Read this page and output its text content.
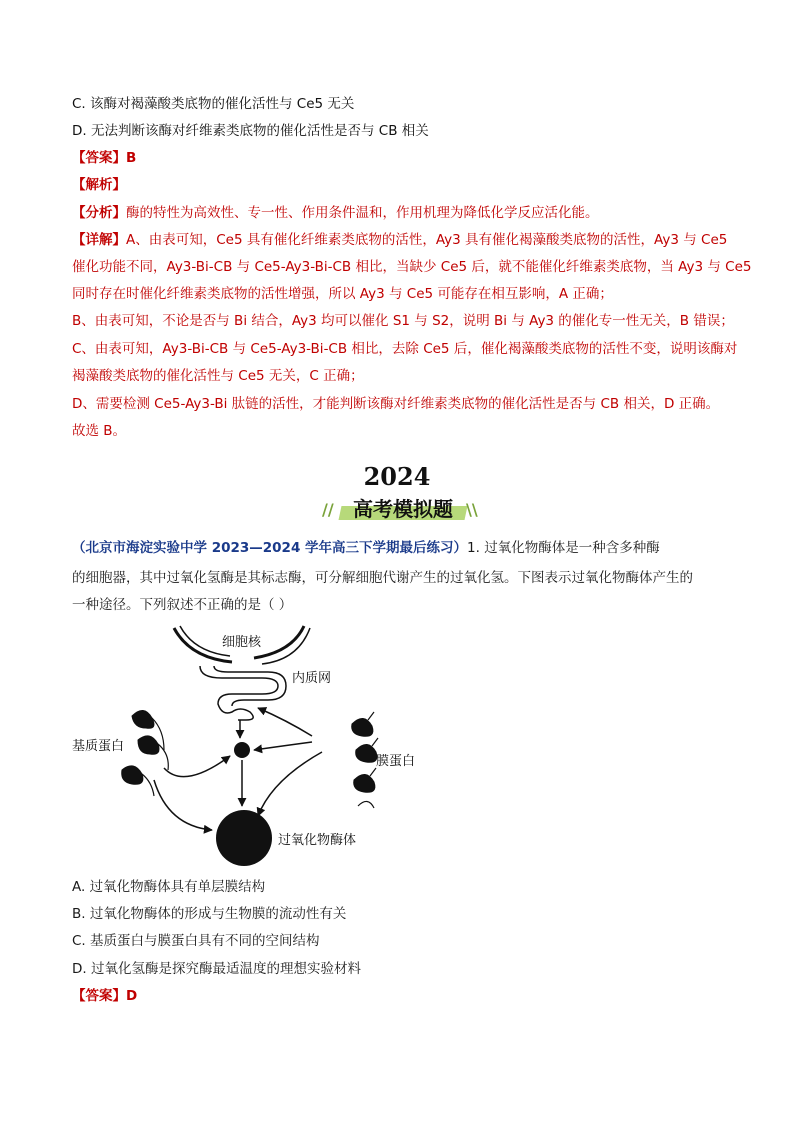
C. 该酶对褐藻酸类底物的催化活性与 Ce5 无关
D. 无法判断该酶对纤维素类底物的催化活性是否与 CB 相关
【答案】B
【解析】
【分析】酶的特性为高效性、专一性、作用条件温和，作用机理为降低化学反应活化能。
【详解】A、由表可知，Ce5 具有催化纤维素类底物的活性，Ay3 具有催化褐藻酸类底物的活性，Ay3 与 Ce5
催化功能不同，Ay3-Bi-CB 与 Ce5-Ay3-Bi-CB 相比，当缺少 Ce5 后，就不能催化纤维素类底物，当 Ay3 与 Ce5
同时存在时催化纤维素类底物的活性增强，所以 Ay3 与 Ce5 可能存在相互影响，A 正确；
B、由表可知，不论是否与 Bi 结合，Ay3 均可以催化 S1 与 S2，说明 Bi 与 Ay3 的催化专一性无关，B 错误；
C、由表可知，Ay3-Bi-CB 与 Ce5-Ay3-Bi-CB 相比，去除 Ce5 后，催化褐藻酸类底物的活性不变，说明该酶对
褐藻酸类底物的催化活性与 Ce5 无关，C 正确；
D、需要检测 Ce5-Ay3-Bi 肽链的活性，才能判断该酶对纤维素类底物的催化活性是否与 CB 相关，D 正确。
故选 B。
2024
// 高考模拟题 \\
（北京市海淀实验中学 2023—2024 学年高三下学期最后练习）1. 过氧化物酶体是一种含多种酶
的细胞器，其中过氧化氢酶是其标志酶，可分解细胞代谢产生的过氧化氢。下图表示过氧化物酶体产生的
一种途径。下列叙述不正确的是（ ）
细胞核
内质网
基质蛋白
膜蛋白
过氧化物酶体
A. 过氧化物酶体具有单层膜结构
B. 过氧化物酶体的形成与生物膜的流动性有关
C. 基质蛋白与膜蛋白具有不同的空间结构
D. 过氧化氢酶是探究酶最适温度的理想实验材料
【答案】D
